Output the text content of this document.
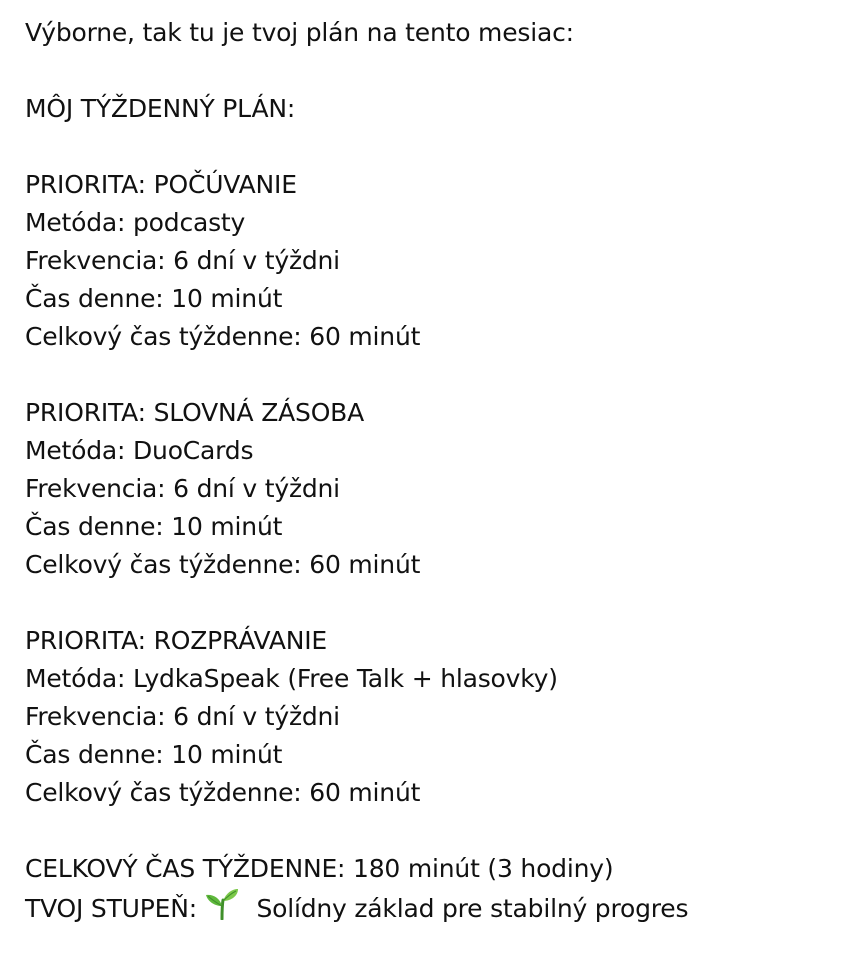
Výborne, tak tu je tvoj plán na tento mesiac:
MÔJ TÝŽDENNÝ PLÁN:
PRIORITA: POČÚVANIE
Metóda: podcasty
Frekvencia: 6 dní v týždni
Čas denne: 10 minút
Celkový čas týždenne: 60 minút
PRIORITA: SLOVNÁ ZÁSOBA
Metóda: DuoCards
Frekvencia: 6 dní v týždni
Čas denne: 10 minút
Celkový čas týždenne: 60 minút
PRIORITA: ROZPRÁVANIE
Metóda: LydkaSpeak (Free Talk + hlasovky)
Frekvencia: 6 dní v týždni
Čas denne: 10 minút
Celkový čas týždenne: 60 minút
CELKOVÝ ČAS TÝŽDENNE: 180 minút (3 hodiny)
TVOJ STUPEŇ: Solídny základ pre stabilný progres
